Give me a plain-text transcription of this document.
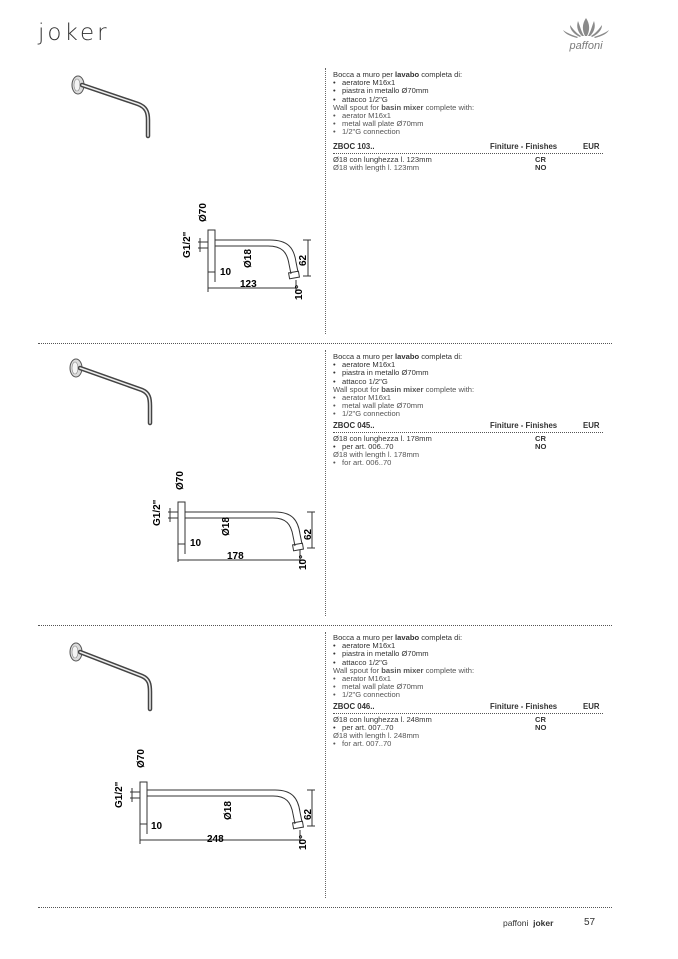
joker	paffoni
Ø70
G1/2"
Ø18
10
123
62
10°
Bocca a muro per lavabo completa di:
• aeratore M16x1
• piastra in metallo Ø70mm
• attacco 1/2"G
Wall spout for basin mixer complete with:
• aerator M16x1
• metal wall plate Ø70mm
• 1/2"G connection
ZBOC 103..	Finiture - Finishes	EUR
Ø18 con lunghezza l. 123mm
Ø18 with length l. 123mm
CR
NO
Ø70
G1/2"
Ø18
10
178
62
10°
Bocca a muro per lavabo completa di:
• aeratore M16x1
• piastra in metallo Ø70mm
• attacco 1/2"G
Wall spout for basin mixer complete with:
• aerator M16x1
• metal wall plate Ø70mm
• 1/2"G connection
ZBOC 045..	Finiture - Finishes	EUR
Ø18 con lunghezza l. 178mm
• per art. 006..70
Ø18 with length l. 178mm
• for art. 006..70
CR
NO
Ø70
G1/2"
Ø18
10
248
62
10°
Bocca a muro per lavabo completa di:
• aeratore M16x1
• piastra in metallo Ø70mm
• attacco 1/2"G
Wall spout for basin mixer complete with:
• aerator M16x1
• metal wall plate Ø70mm
• 1/2"G connection
ZBOC 046..	Finiture - Finishes	EUR
Ø18 con lunghezza l. 248mm
• per art. 007..70
Ø18 with length l. 248mm
• for art. 007..70
CR
NO
paffoni joker	57
